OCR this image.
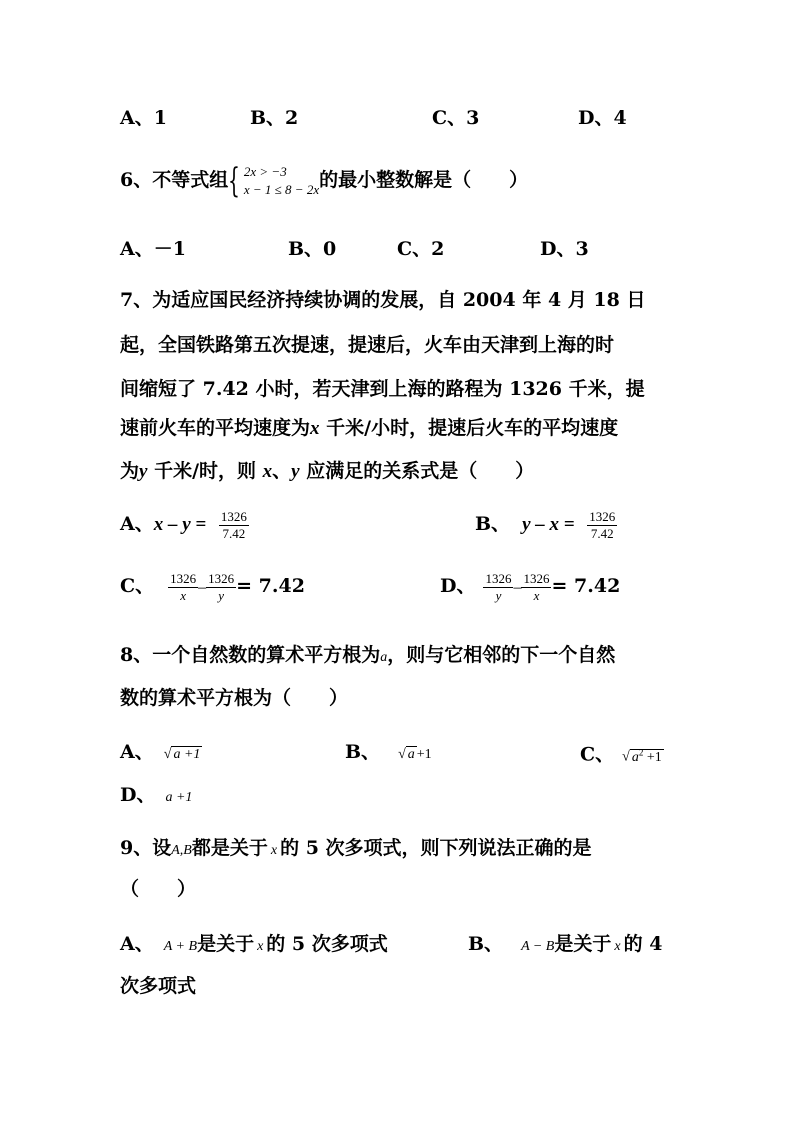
A、1	B、2	C、3	D、4
6、不等式组{ 2x > −3
x − 1 ≤ 8 − 2x 的最小整数解是（　　）
A、－1	B、0	C、2	D、3
7、为适应国民经济持续协调的发展，自 2004 年 4 月 18 日
起，全国铁路第五次提速，提速后，火车由天津到上海的时
间缩短了 7.42 小时，若天津到上海的路程为 1326 千米，提
速前火车的平均速度为x 千米/小时，提速后火车的平均速度
为y 千米/时，则 x、y 应满足的关系式是（　　）
A、$x - y = \frac{1326}{7.42}$	B、 $y - x = \frac{1326}{7.42}$
C、 $\frac{1326}{x} - \frac{1326}{y} = 7.42$	D、 $\frac{1326}{y} - \frac{1326}{x} = 7.42$
8、一个自然数的算术平方根为a，则与它相邻的下一个自然
数的算术平方根为（　　）
A、 √ a +1	B、 √ a+1	C、 √ $a^2 +1$
D、 a +1
9、设A,B都是关于 x 的 5 次多项式，则下列说法正确的是
（　　）
A、 A + B是关于 x 的 5 次多项式	B、 A − B是关于 x 的 4
次多项式
